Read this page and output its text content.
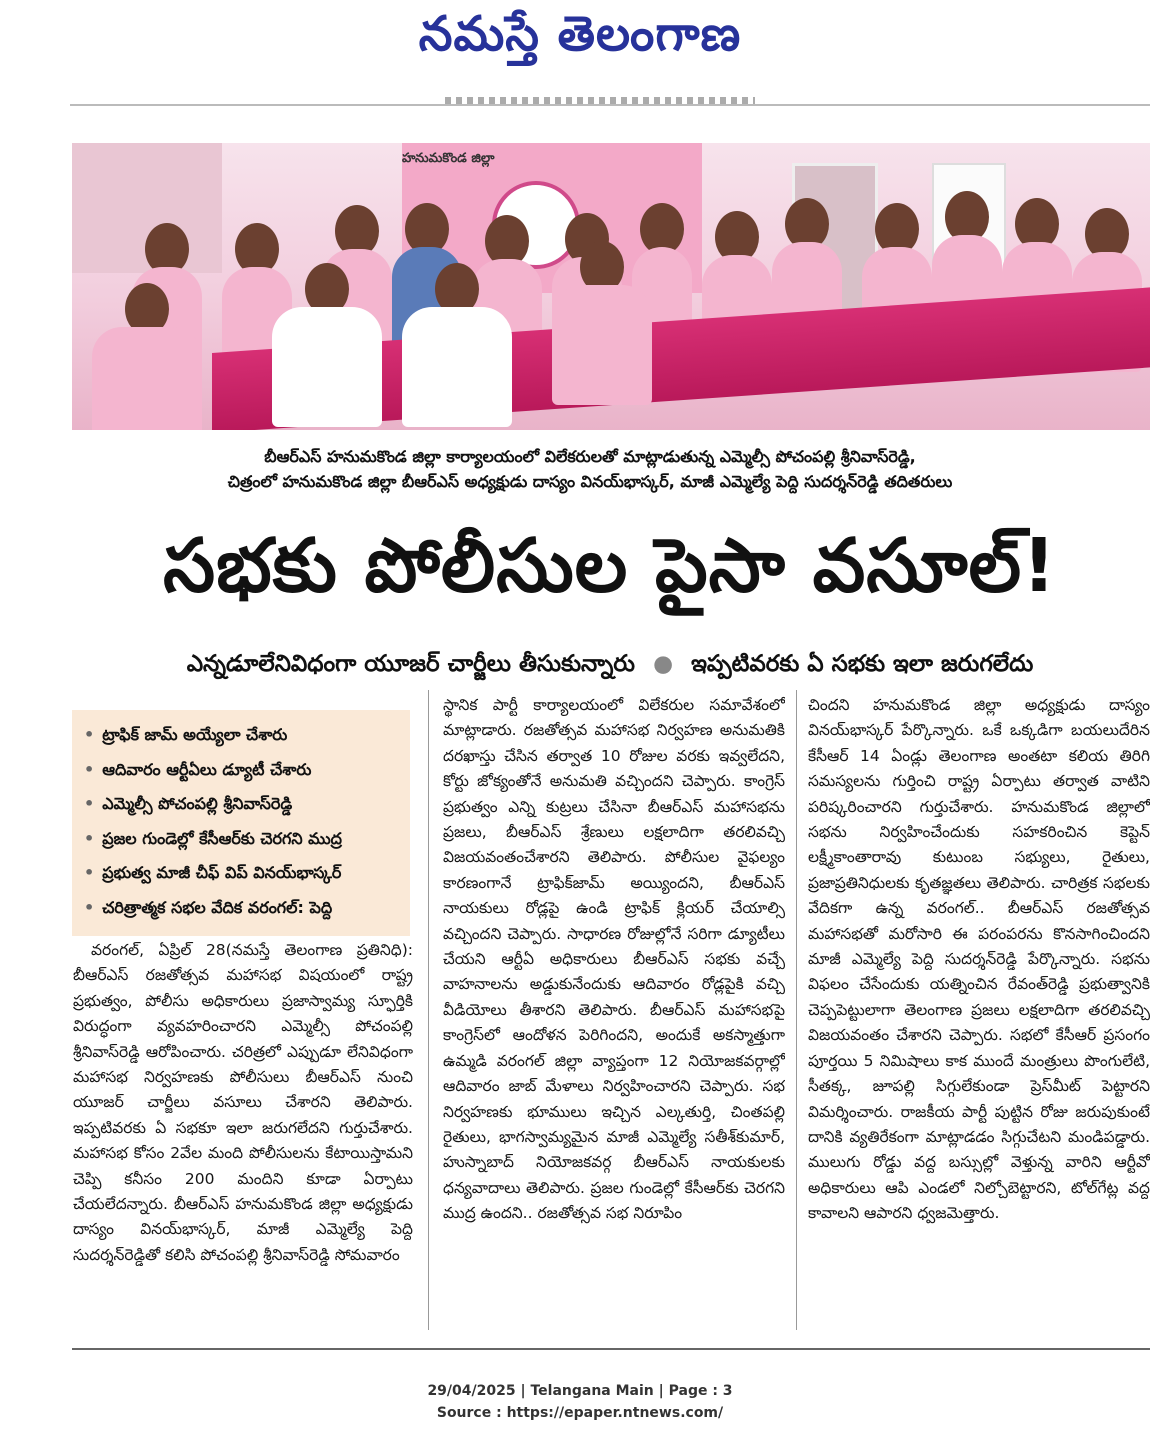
నమస్తే తెలంగాణ
హనుమకొండ జిల్లా
బీఆర్ఎస్ హనుమకొండ జిల్లా కార్యాలయంలో విలేకరులతో మాట్లాడుతున్న ఎమ్మెల్సీ పోచంపల్లి శ్రీనివాస్‌రెడ్డి,
చిత్రంలో హనుమకొండ జిల్లా బీఆర్ఎస్ అధ్యక్షుడు దాస్యం వినయ్‌భాస్కర్, మాజీ ఎమ్మెల్యే పెద్ది సుదర్శన్‌రెడ్డి తదితరులు
సభకు పోలీసుల పైసా వసూల్!
ఎన్నడూలేనివిధంగా యూజర్ చార్జీలు తీసుకున్నారు ● ఇప్పటివరకు ఏ సభకు ఇలా జరుగలేదు
• ట్రాఫిక్ జామ్ అయ్యేలా చేశారు
• ఆదివారం ఆర్టీఏలు డ్యూటీ చేశారు
• ఎమ్మెల్సీ పోచంపల్లి శ్రీనివాస్‌రెడ్డి
• ప్రజల గుండెల్లో కేసీఆర్‌కు చెరగని ముద్ర
• ప్రభుత్వ మాజీ చీఫ్ విప్ వినయ్‌భాస్కర్
• చరిత్రాత్మక సభల వేదిక వరంగల్: పెద్ది
వరంగల్, ఏప్రిల్ 28(నమస్తే తెలంగాణ ప్రతినిధి): బీఆర్ఎస్ రజతోత్సవ మహాసభ విషయంలో రాష్ట్ర ప్రభుత్వం, పోలీసు అధికారులు ప్రజాస్వామ్య స్ఫూర్తికి విరుద్ధంగా వ్యవహరించారని ఎమ్మెల్సీ పోచంపల్లి శ్రీనివాస్‌రెడ్డి ఆరోపించారు. చరిత్రలో ఎప్పుడూ లేనివిధంగా మహాసభ నిర్వహణకు పోలీసులు బీఆర్ఎస్ నుంచి యూజర్ చార్జీలు వసూలు చేశారని తెలిపారు. ఇప్పటివరకు ఏ సభకూ ఇలా జరుగలేదని గుర్తుచేశారు. మహాసభ కోసం 2వేల మంది పోలీసులను కేటాయిస్తామని చెప్పి కనీసం 200 మందిని కూడా ఏర్పాటు చేయలేదన్నారు. బీఆర్ఎస్ హనుమకొండ జిల్లా అధ్యక్షుడు దాస్యం వినయ్‌భాస్కర్, మాజీ ఎమ్మెల్యే పెద్ది సుదర్శన్‌రెడ్డితో కలిసి పోచంపల్లి శ్రీనివాస్‌రెడ్డి సోమవారం
స్థానిక పార్టీ కార్యాలయంలో విలేకరుల సమావేశంలో మాట్లాడారు. రజతోత్సవ మహాసభ నిర్వహణ అనుమతికి దరఖాస్తు చేసిన తర్వాత 10 రోజుల వరకు ఇవ్వలేదని, కోర్టు జోక్యంతోనే అనుమతి వచ్చిందని చెప్పారు. కాంగ్రెస్ ప్రభుత్వం ఎన్ని కుట్రలు చేసినా బీఆర్ఎస్ మహాసభను ప్రజలు, బీఆర్ఎస్ శ్రేణులు లక్షలాదిగా తరలివచ్చి విజయవంతంచేశారని తెలిపారు. పోలీసుల వైఫల్యం కారణంగానే ట్రాఫిక్‌జామ్ అయ్యిందని, బీఆర్ఎస్ నాయకులు రోడ్లపై ఉండి ట్రాఫిక్ క్లియర్ చేయాల్సి వచ్చిందని చెప్పారు. సాధారణ రోజుల్లోనే సరిగా డ్యూటీలు చేయని ఆర్టీఏ అధికారులు బీఆర్ఎస్ సభకు వచ్చే వాహనాలను అడ్డుకునేందుకు ఆదివారం రోడ్లపైకి వచ్చి వీడియోలు తీశారని తెలిపారు. బీఆర్ఎస్ మహాసభపై కాంగ్రెస్‌లో ఆందోళన పెరిగిందని, అందుకే అకస్మాత్తుగా ఉమ్మడి వరంగల్ జిల్లా వ్యాప్తంగా 12 నియోజకవర్గాల్లో ఆదివారం జాబ్ మేళాలు నిర్వహించారని చెప్పారు. సభ నిర్వహణకు భూములు ఇచ్చిన ఎల్కతుర్తి, చింతపల్లి రైతులు, భాగస్వామ్యమైన మాజీ ఎమ్మెల్యే సతీశ్‌కుమార్, హుస్నాబాద్ నియోజకవర్గ బీఆర్ఎస్ నాయకులకు ధన్యవాదాలు తెలిపారు. ప్రజల గుండెల్లో కేసీఆర్‌కు చెరగని ముద్ర ఉందని.. రజతోత్సవ సభ నిరూపిం
చిందని హనుమకొండ జిల్లా అధ్యక్షుడు దాస్యం వినయ్‌భాస్కర్ పేర్కొన్నారు. ఒకే ఒక్కడిగా బయలుదేరిన కేసీఆర్ 14 ఏండ్లు తెలంగాణ అంతటా కలియ తిరిగి సమస్యలను గుర్తించి రాష్ట్ర ఏర్పాటు తర్వాత వాటిని పరిష్కరించారని గుర్తుచేశారు. హనుమకొండ జిల్లాలో సభను నిర్వహించేందుకు సహకరించిన కెప్టెన్ లక్ష్మీకాంతారావు కుటుంబ సభ్యులు, రైతులు, ప్రజాప్రతినిధులకు కృతజ్ఞతలు తెలిపారు. చారిత్రక సభలకు వేదికగా ఉన్న వరంగల్.. బీఆర్ఎస్ రజతోత్సవ మహాసభతో మరోసారి ఈ పరంపరను కొనసాగించిందని మాజీ ఎమ్మెల్యే పెద్ది సుదర్శన్‌రెడ్డి పేర్కొన్నారు. సభను విఫలం చేసేందుకు యత్నించిన రేవంత్‌రెడ్డి ప్రభుత్వానికి చెప్పపెట్టులాగా తెలంగాణ ప్రజలు లక్షలాదిగా తరలివచ్చి విజయవంతం చేశారని చెప్పారు. సభలో కేసీఆర్ ప్రసంగం పూర్తయి 5 నిమిషాలు కాక ముందే మంత్రులు పొంగులేటి, సీతక్క, జూపల్లి సిగ్గులేకుండా ప్రెస్‌మీట్ పెట్టారని విమర్శించారు. రాజకీయ పార్టీ పుట్టిన రోజు జరుపుకుంటే దానికి వ్యతిరేకంగా మాట్లాడడం సిగ్గుచేటని మండిపడ్డారు. ములుగు రోడ్డు వద్ద బస్సుల్లో వెళ్తున్న వారిని ఆర్టీవో అధికారులు ఆపి ఎండలో నిల్చోబెట్టారని, టోల్‌గేట్ల వద్ద కావాలని ఆపారని ధ్వజమెత్తారు.
29/04/2025 | Telangana Main | Page : 3
Source : https://epaper.ntnews.com/
